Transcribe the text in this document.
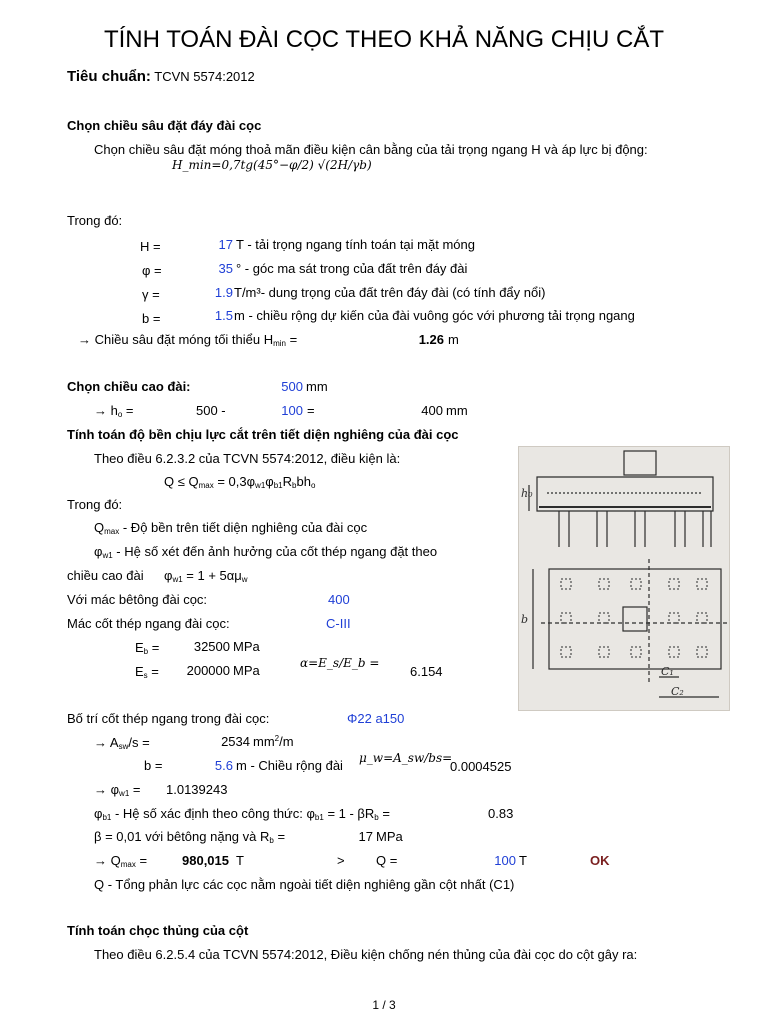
TÍNH TOÁN ĐÀI CỌC THEO KHẢ NĂNG CHỊU CẮT
Tiêu chuẩn: TCVN 5574:2012
Chọn chiều sâu đặt đáy đài cọc
Chọn chiều sâu đặt móng thoả mãn điều kiện cân bằng của tải trọng ngang H và áp lực bị động:
H_min=0,7tg(45°−φ/2) √(2H/γb)
Trong đó:
H =	17 T - tải trọng ngang tính toán tại mặt móng
φ =	35 ° - góc ma sát trong của đất trên đáy đài
γ =	1.9 T/m³- dung trọng của đất trên đáy đài (có tính đẩy nổi)
b =	1.5 m - chiều rộng dự kiến của đài vuông góc với phương tải trọng ngang
→ Chiều sâu đặt móng tối thiểu $H_{min}$ =	1.26 m
Chọn chiều cao đài:	500 mm
→ $h_o$ =	500 -	100 =	400 mm
Tính toán độ bền chịu lực cắt trên tiết diện nghiêng của đài cọc
Theo điều 6.2.3.2 của TCVN 5574:2012, điều kiện là:
$Q \le Q_{max} = 0,3\varphi_{w1}\varphi_{b1}R_bbh_o$
Trong đó:
$Q_{max}$ - Độ bền trên tiết diện nghiêng của đài cọc
$\varphi_{w1}$ - Hệ số xét đến ảnh hưởng của cốt thép ngang đặt theo
chiều cao đài $\varphi_{w1} = 1 + 5\alpha\mu_w$
Với mác bêtông đài cọc:	400
Mác cốt thép ngang đài cọc:	C-III
$E_b$ =	32500 MPa
$E_s$ =	200000 MPa	α=E_s/E_b =
6.154
Bố trí cốt thép ngang trong đài cọc:	Φ22 a150
→ $A_{sw}/s$ =	2534 $mm^2/m$
b =	5.6 m - Chiều rộng đài μ_w=A_sw/bs=
0.0004525
→ $\varphi_{w1} = 1.0139243$
$\varphi_{b1}$ - Hệ số xác định theo công thức: $\varphi_{b1} = 1 - \beta R_b$ =	0.83
β = 0,01 với bêtông nặng và $R_b$ =	17 MPa
→ $Q_{max}$ =	980,015 T	> Q =	100 T	OK
Q - Tổng phản lực các cọc nằm ngoài tiết diện nghiêng gần cột nhất (C1)
Tính toán chọc thủng của cột
Theo điều 6.2.5.4 của TCVN 5574:2012, Điều kiện chống nén thủng của đài cọc do cột gây ra:
h₀
b
C₁
C₂
1 / 3
